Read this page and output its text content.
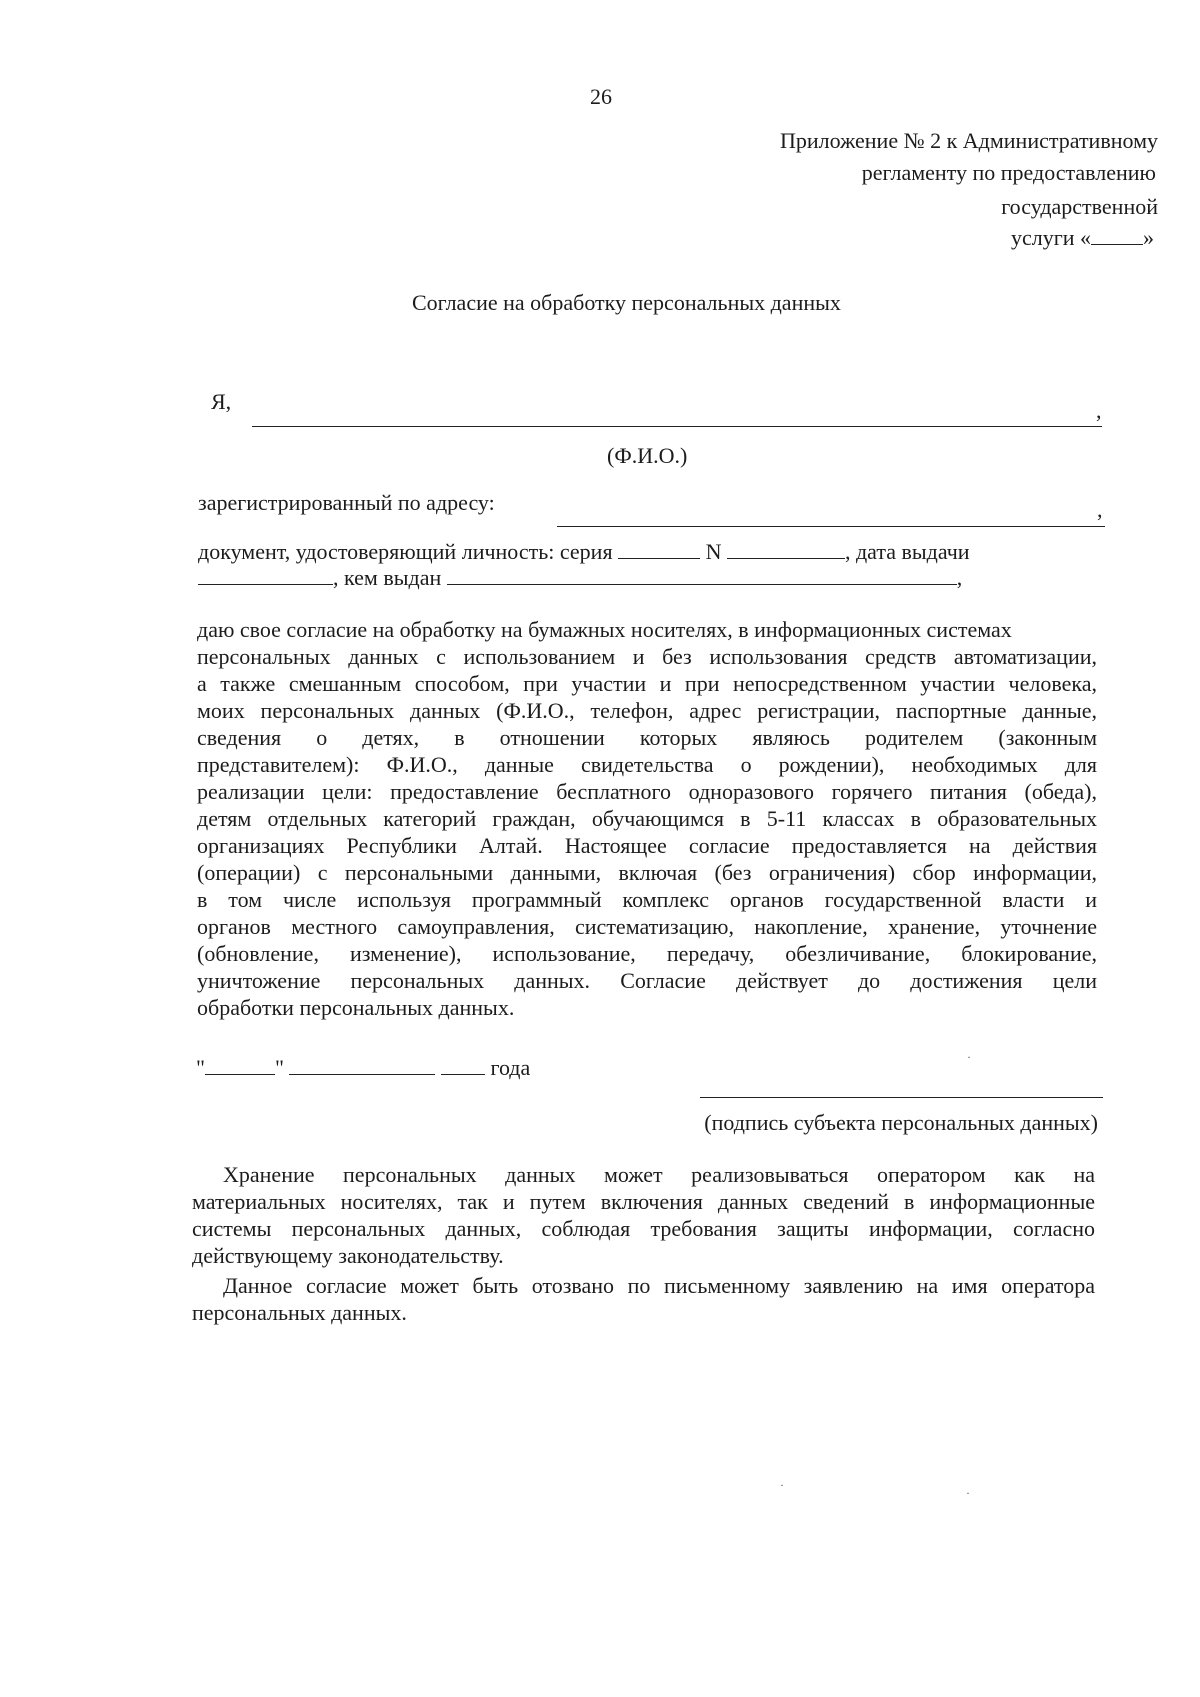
26
Приложение № 2 к Административному
регламенту по предоставлению
государственной
услуги « »
Согласие на обработку персональных данных
Я,	,
(Ф.И.О.)
зарегистрированный по адресу:	,
документ, удостоверяющий личность: серия	N	, дата выдачи
, кем выдан	,
даю свое согласие на обработку на бумажных носителях, в информационных системах
персональных данных с использованием и без использования средств автоматизации,
а также смешанным способом, при участии и при непосредственном участии человека,
моих персональных данных (Ф.И.О., телефон, адрес регистрации, паспортные данные,
сведения о детях, в отношении которых являюсь родителем (законным
представителем): Ф.И.О., данные свидетельства о рождении), необходимых для
реализации цели: предоставление бесплатного одноразового горячего питания (обеда),
детям отдельных категорий граждан, обучающимся в 5-11 классах в образовательных
организациях Республики Алтай. Настоящее согласие предоставляется на действия
(операции) с персональными данными, включая (без ограничения) сбор информации,
в том числе используя программный комплекс органов государственной власти и
органов местного самоуправления, систематизацию, накопление, хранение, уточнение
(обновление, изменение), использование, передачу, обезличивание, блокирование,
уничтожение персональных данных. Согласие действует до достижения цели
обработки персональных данных.
"	"	года	·
(подпись субъекта персональных данных)
Хранение персональных данных может реализовываться оператором как на
материальных носителях, так и путем включения данных сведений в информационные
системы персональных данных, соблюдая требования защиты информации, согласно
действующему законодательству.
Данное согласие может быть отозвано по письменному заявлению на имя оператора
персональных данных.
·
·
